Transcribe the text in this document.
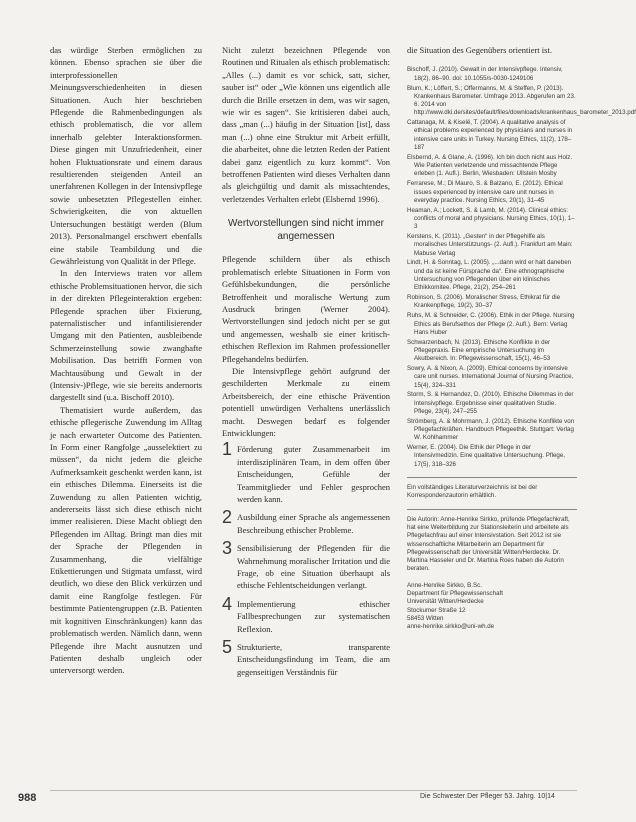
das würdige Sterben ermöglichen zu können. Ebenso sprachen sie über die interprofessionellen Meinungsverschiedenheiten in diesen Situationen. Auch hier beschrieben Pflegende die Rahmenbedingungen als ethisch problematisch, die vor allem innerhalb gelebter Interaktionsformen. Diese gingen mit Unzufriedenheit, einer hohen Fluktuationsrate und einem daraus resultierenden steigenden Anteil an unerfahrenen Kollegen in der Intensivpflege sowie unbesetzten Pflegestellen einher. Schwierigkeiten, die von aktuellen Untersuchungen bestätigt werden (Blum 2013). Personalmangel erschwert ebenfalls eine stabile Teambildung und die Gewährleistung von Qualität in der Pflege.

In den Interviews traten vor allem ethische Problemsituationen hervor, die sich in der direkten Pflegeinteraktion ergeben: Pflegende sprachen über Fixierung, paternalistischer und infantilisierender Umgang mit den Patienten, ausbleibende Schmerzeinstellung sowie zwanghafte Mobilisation. Das betrifft Formen von Machtausübung und Gewalt in der (Intensiv-)Pflege, wie sie bereits andernorts dargestellt sind (u.a. Bischoff 2010).

Thematisiert wurde außerdem, das ethische pflegerische Zuwendung im Alltag je nach erwarteter Outcome des Patienten. In Form einer Rangfolge „ausselektiert zu müssen“, da nicht jedem die gleiche Aufmerksamkeit geschenkt werden kann, ist ein ethisches Dilemma. Einerseits ist die Zuwendung zu allen Patienten wichtig, andererseits lässt sich diese ethisch nicht immer realisieren. Diese Macht obliegt den Pflegenden im Alltag. Bringt man dies mit der Sprache der Pflegenden in Zusammenhang, die vielfältige Etikettierungen und Stigmata umfasst, wird deutlich, wo diese den Blick verkürzen und damit eine Rangfolge festlegen. Für bestimmte Patientengruppen (z.B. Patienten mit kognitiven Einschränkungen) kann das problematisch werden. Nämlich dann, wenn Pflegende ihre Macht ausnutzen und Patienten deshalb ungleich oder unterversorgt werden.

Nicht zuletzt bezeichnen Pflegende von Routinen und Ritualen als ethisch problematisch: „Alles (...) damit es vor schick, satt, sicher, sauber ist“ oder „Wie können uns eigentlich alle durch die Brille ersetzen in dem, was wir sagen, wie wir es sagen“. Sie kritisieren dabei auch, dass „man (...) häufig in der Situation [ist], dass man (...) ohne eine Struktur mit Arbeit erfüllt, die abarbeitet, ohne die letzten Reden der Patient dabei ganz eigentlich zu kurz kommt“. Von betroffenen Patienten wird dieses Verhalten dann als gleichgültig und damit als missachtendes, verletzendes Verhalten erlebt (Elsbernd 1996).

Wertvorstellungen sind nicht immer angemessen

Pflegende schildern über als ethisch problematisch erlebte Situationen in Form von Gefühlsbekundungen, die persönliche Betroffenheit und moralische Wertung zum Ausdruck bringen (Werner 2004). Wertvorstellungen sind jedoch nicht per se gut und angemessen, weshalb sie einer kritisch-ethischen Reflexion im Rahmen professioneller Pflegehandelns bedürfen.

Die Intensivpflege gehört aufgrund der geschilderten Merkmale zu einem Arbeitsbereich, der eine ethische Prävention potentiell unwürdigen Verhaltens unerlässlich macht. Deswegen bedarf es folgender Entwicklungen:

1 Förderung guter Zusammenarbeit im interdisziplinären Team, in dem offen über Entscheidungen, Gefühle der Teammitglieder und Fehler gesprochen werden kann.
2 Ausbildung einer Sprache als angemessenen Beschreibung ethischer Probleme.
3 Sensibilisierung der Pflegenden für die Wahrnehmung moralischer Irritation und die Frage, ob eine Situation überhaupt als ethische Fehlentscheidungen verlangt.
4 Implementierung ethischer Fallbesprechungen zur systematischen Reflexion.
5 Strukturierte, transparente Entscheidungsfindung im Team, die am gegenseitigen Verständnis für

die Situation des Gegenübers orientiert ist.

Bischoff, J. (2010). Gewalt in der Intensivpflege. Intensiv, 18(2), 86–90. doi: 10.1055/s-0030-1249106

Blum, K.; Löffert, S.; Offermanns, M. & Steffen, P. (2013). Krankenhaus Barometer. Umfrage 2013. Abgerufen am 23. 6. 2014 von http://www.dki.de/sites/default/files/downloads/krankenhaus_barometer_2013.pdf

Cattanaga, M. & Kiselë, T. (2004). A qualitative analysis of ethical problems experienced by physicians and nurses in intensive care units in Turkey. Nursing Ethics, 11(2), 178–187

Elsbernd, A. & Glane, A. (1996). Ich bin doch nicht aus Holz. Wie Patienten verletzende und missachtende Pflege erleben (1. Aufl.). Berlin, Wiesbaden: Ullstein Mosby

Ferrarese, M.; Di Mauro, S. & Balzano, E. (2012). Ethical issues experienced by intensive care unit nurses in everyday practice. Nursing Ethics, 20(1), 31–45

Heaman, A.; Lockett, S. & Lamb, M. (2014). Clinical ethics: conflicts of moral and physicians. Nursing Ethics, 10(1), 1–3

Kerstens, K. (2011). „Gesten“ in der Pflegehilfe als moralisches Unterstützungs- (2. Aufl.). Frankfurt am Main: Mabuse Verlag

Lindt, H. & Sonntag, L. (2005). „...dann wird er halt daneben und da ist keine Fürsprache da“. Eine ethnographische Untersuchung von Pflegenden über ein klinisches Ethikkomitee. Pflege, 21(2), 254–261

Robinson, S. (2006). Moralischer Stress, Ethikrat für die Krankenpflege, 19(2), 30–37

Ruhs, M. & Schneider, C. (2006). Ethik in der Pflege. Nursing Ethics als Berufsethos der Pflege (2. Aufl.). Bern: Verlag Hans Huber

Schwarzenbach, N. (2013). Ethische Konflikte in der Pflegepraxis. Eine empirische Untersuchung im Akutbereich. In: Pflegewissenschaft, 15(1), 46–53

Sowry, A. & Nixon, A. (2009). Ethical concerns by intensive care unit nurses. International Journal of Nursing Practice, 15(4), 324–331

Storm, S. & Hernandez, D. (2010). Ethische Dilemmas in der Intensivpflege. Ergebnisse einer qualitativen Studie. Pflege, 23(4), 247–255

Strömberg, A. & Mohrmann, J. (2012). Ethische Konflikte von Pflegefachkräften. Handbuch Pflegeethik. Stuttgart: Verlag W. Kohlhammer

Werner, E. (2004). Die Ethik der Pflege in der Intensivmedizin. Eine qualitative Untersuchung. Pflege, 17(5), 318–326

Ein vollständiges Literaturverzeichnis ist bei der Korrespondenzautorin erhältlich.
Die Autorin: Anne-Henrike Sirkko, prüfende Pflegefachkraft, hat eine Weiterbildung zur Stationsleiterin und arbeitete als Pflegefachfrau auf einer Intensivstation. Seit 2012 ist sie wissenschaftliche Mitarbeiterin am Department für Pflegewissenschaft der Universität Witten/Herdecke. Dr. Martina Hasseler und Dr. Martina Roes haben die Autorin beraten.

Anne-Henrike Sirkko, B.Sc.

Department für Pflegewissenschaft

Universität Witten/Herdecke

Stockumer Straße 12

58453 Witten

anne-henrike.sirkko@uni-wh.de

988	Die Schwester Der Pfleger 53. Jahrg. 10|14
